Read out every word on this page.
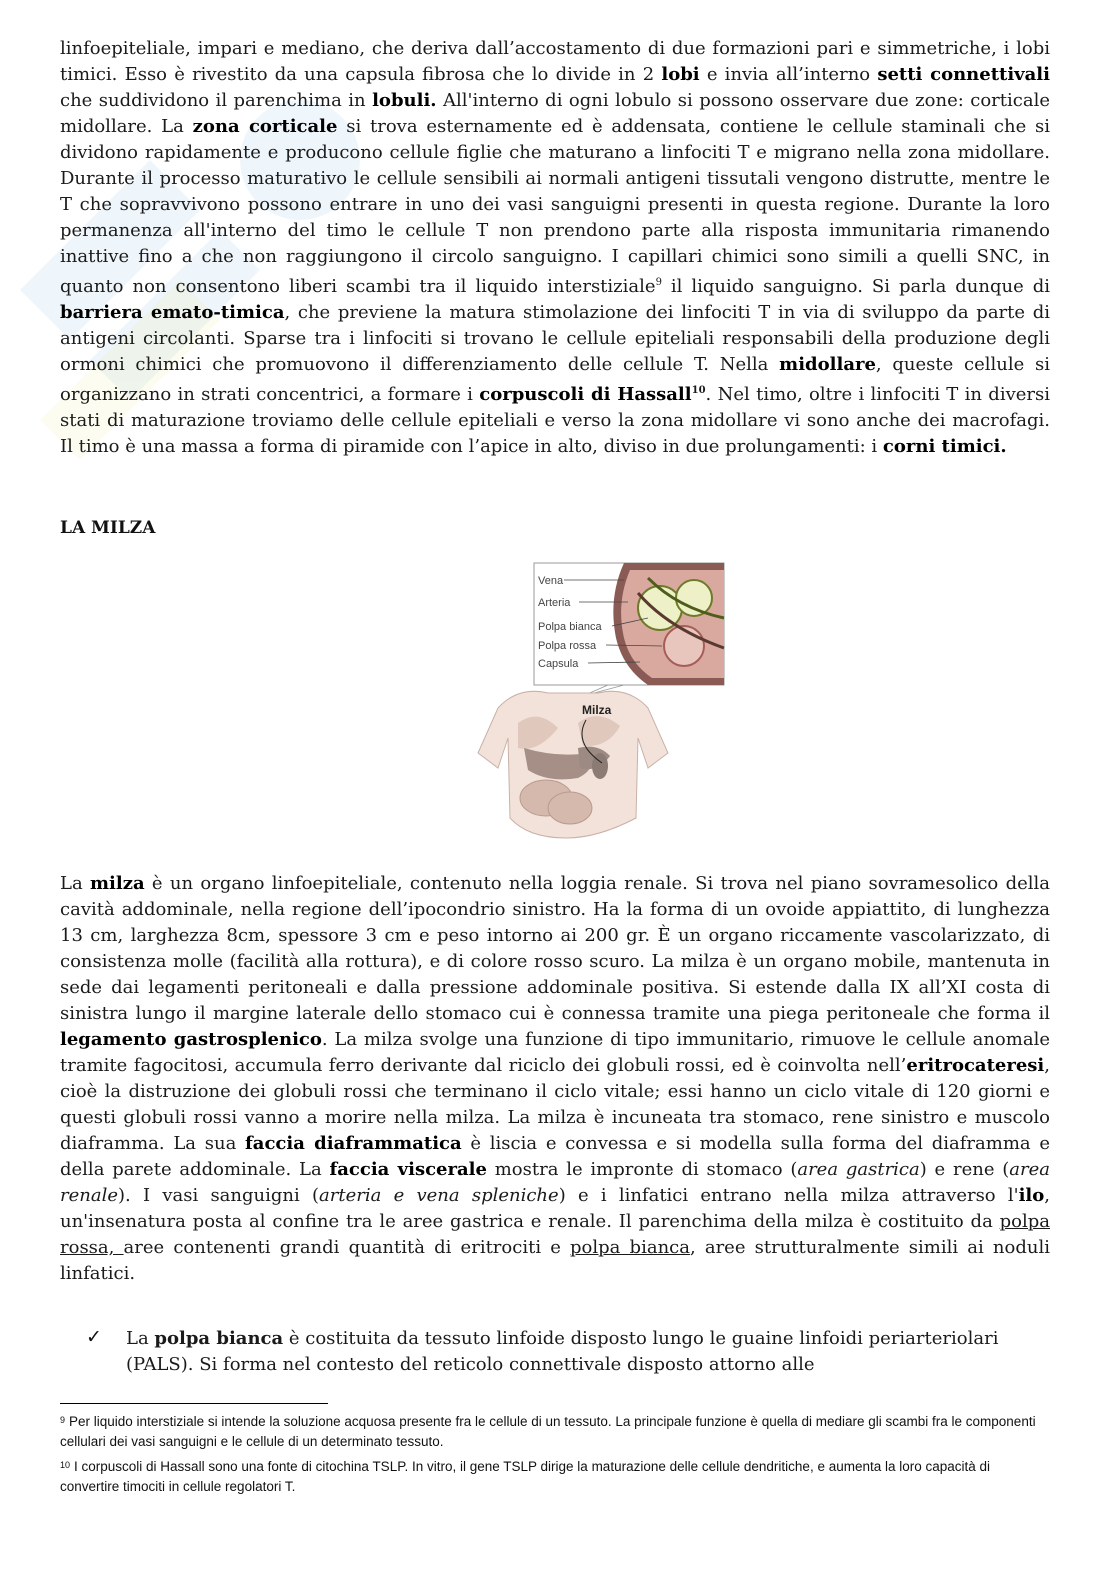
linfoepiteliale, impari e mediano, che deriva dall’accostamento di due formazioni pari e simmetriche, i lobi timici. Esso è rivestito da una capsula fibrosa che lo divide in 2 lobi e invia all’interno setti connettivali che suddividono il parenchima in lobuli. All'interno di ogni lobulo si possono osservare due zone: corticale midollare. La zona corticale si trova esternamente ed è addensata, contiene le cellule staminali che si dividono rapidamente e producono cellule figlie che maturano a linfociti T e migrano nella zona midollare. Durante il processo maturativo le cellule sensibili ai normali antigeni tissutali vengono distrutte, mentre le T che sopravvivono possono entrare in uno dei vasi sanguigni presenti in questa regione. Durante la loro permanenza all'interno del timo le cellule T non prendono parte alla risposta immunitaria rimanendo inattive fino a che non raggiungono il circolo sanguigno. I capillari chimici sono simili a quelli SNC, in quanto non consentono liberi scambi tra il liquido interstiziale$^9$ il liquido sanguigno. Si parla dunque di barriera emato-timica, che previene la matura stimolazione dei linfociti T in via di sviluppo da parte di antigeni circolanti. Sparse tra i linfociti si trovano le cellule epiteliali responsabili della produzione degli ormoni chimici che promuovono il differenziamento delle cellule T. Nella midollare, queste cellule si organizzano in strati concentrici, a formare i corpuscoli di Hassall$^{10}$. Nel timo, oltre i linfociti T in diversi stati di maturazione troviamo delle cellule epiteliali e verso la zona midollare vi sono anche dei macrofagi. Il timo è una massa a forma di piramide con l’apice in alto, diviso in due prolungamenti: i corni timici.
LA MILZA
Vena
Arteria
Polpa bianca
Polpa rossa
Capsula
Milza
La milza è un organo linfoepiteliale, contenuto nella loggia renale. Si trova nel piano sovramesolico della cavità addominale, nella regione dell’ipocondrio sinistro. Ha la forma di un ovoide appiattito, di lunghezza 13 cm, larghezza 8cm, spessore 3 cm e peso intorno ai 200 gr. È un organo riccamente vascolarizzato, di consistenza molle (facilità alla rottura), e di colore rosso scuro. La milza è un organo mobile, mantenuta in sede dai legamenti peritoneali e dalla pressione addominale positiva. Si estende dalla IX all’XI costa di sinistra lungo il margine laterale dello stomaco cui è connessa tramite una piega peritoneale che forma il legamento gastrosplenico. La milza svolge una funzione di tipo immunitario, rimuove le cellule anomale tramite fagocitosi, accumula ferro derivante dal riciclo dei globuli rossi, ed è coinvolta nell’eritrocateresi, cioè la distruzione dei globuli rossi che terminano il ciclo vitale; essi hanno un ciclo vitale di 120 giorni e questi globuli rossi vanno a morire nella milza. La milza è incuneata tra stomaco, rene sinistro e muscolo diaframma. La sua faccia diaframmatica è liscia e convessa e si modella sulla forma del diaframma e della parete addominale. La faccia viscerale mostra le impronte di stomaco (area gastrica) e rene (area renale). I vasi sanguigni (arteria e vena spleniche) e i linfatici entrano nella milza attraverso l'ilo, un'insenatura posta al confine tra le aree gastrica e renale. Il parenchima della milza è costituito da polpa rossa, aree contenenti grandi quantità di eritrociti e polpa bianca, aree strutturalmente simili ai noduli linfatici.
✓ La polpa bianca è costituita da tessuto linfoide disposto lungo le guaine linfoidi periarteriolari (PALS). Si forma nel contesto del reticolo connettivale disposto attorno alle
$^9$ Per liquido interstiziale si intende la soluzione acquosa presente fra le cellule di un tessuto. La principale funzione è quella di mediare gli scambi fra le componenti cellulari dei vasi sanguigni e le cellule di un determinato tessuto.
$^{10}$ I corpuscoli di Hassall sono una fonte di citochina TSLP. In vitro, il gene TSLP dirige la maturazione delle cellule dendritiche, e aumenta la loro capacità di convertire timociti in cellule regolatori T.
